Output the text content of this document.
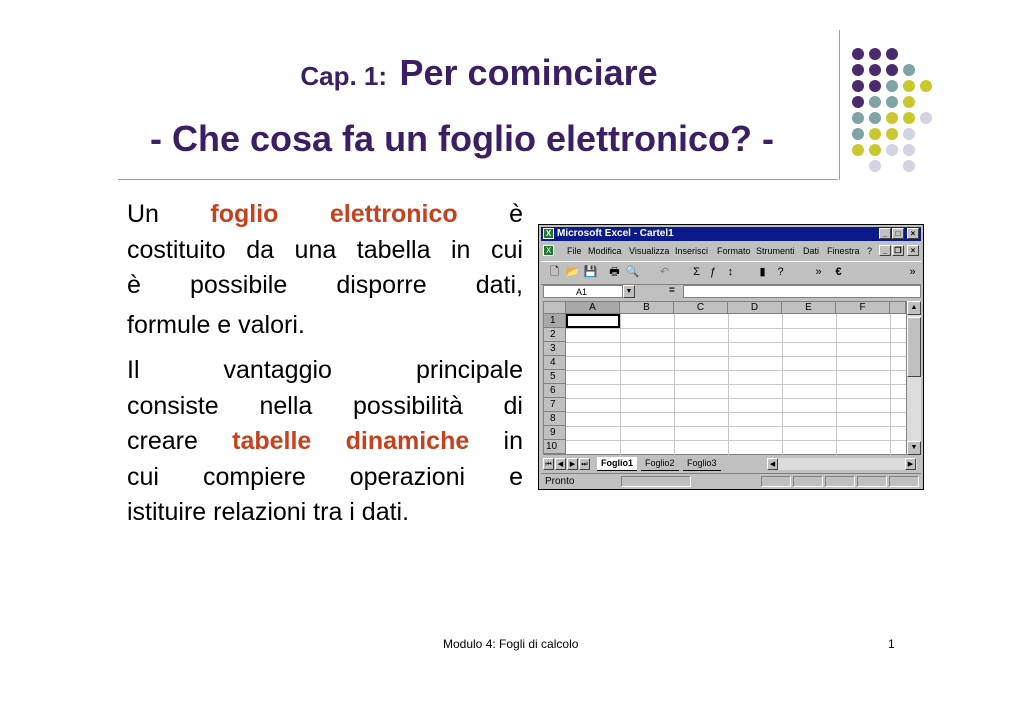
Cap. 1: Per cominciare
- Che cosa fa un foglio elettronico? -
Un foglio elettronico è
costituito da una tabella in cui
è possibile disporre dati,
formule e valori.
Il	vantaggio	principale
consiste nella possibilità di
creare tabelle dinamiche in
cui compiere operazioni e
istituire relazioni tra i dati.
X Microsoft Excel - Cartel1	_	□	×
X	File Modifica Visualizza Inserisci Formato Strumenti Dati Finestra ?	_ ❐	×
🗋 📂 💾 🖶 🔍 ↶	Σ ƒ	↕	▮	?	»	€	»
A1	▼	=
A	B	C	D	E	F
1
2
3
4
5
6
7
8
9
10
▲
▼
⏮ ◀ ▶ ⏭	Foglio1	Foglio2	Foglio3	◀	▶
Pronto
Modulo 4: Fogli di calcolo	1
